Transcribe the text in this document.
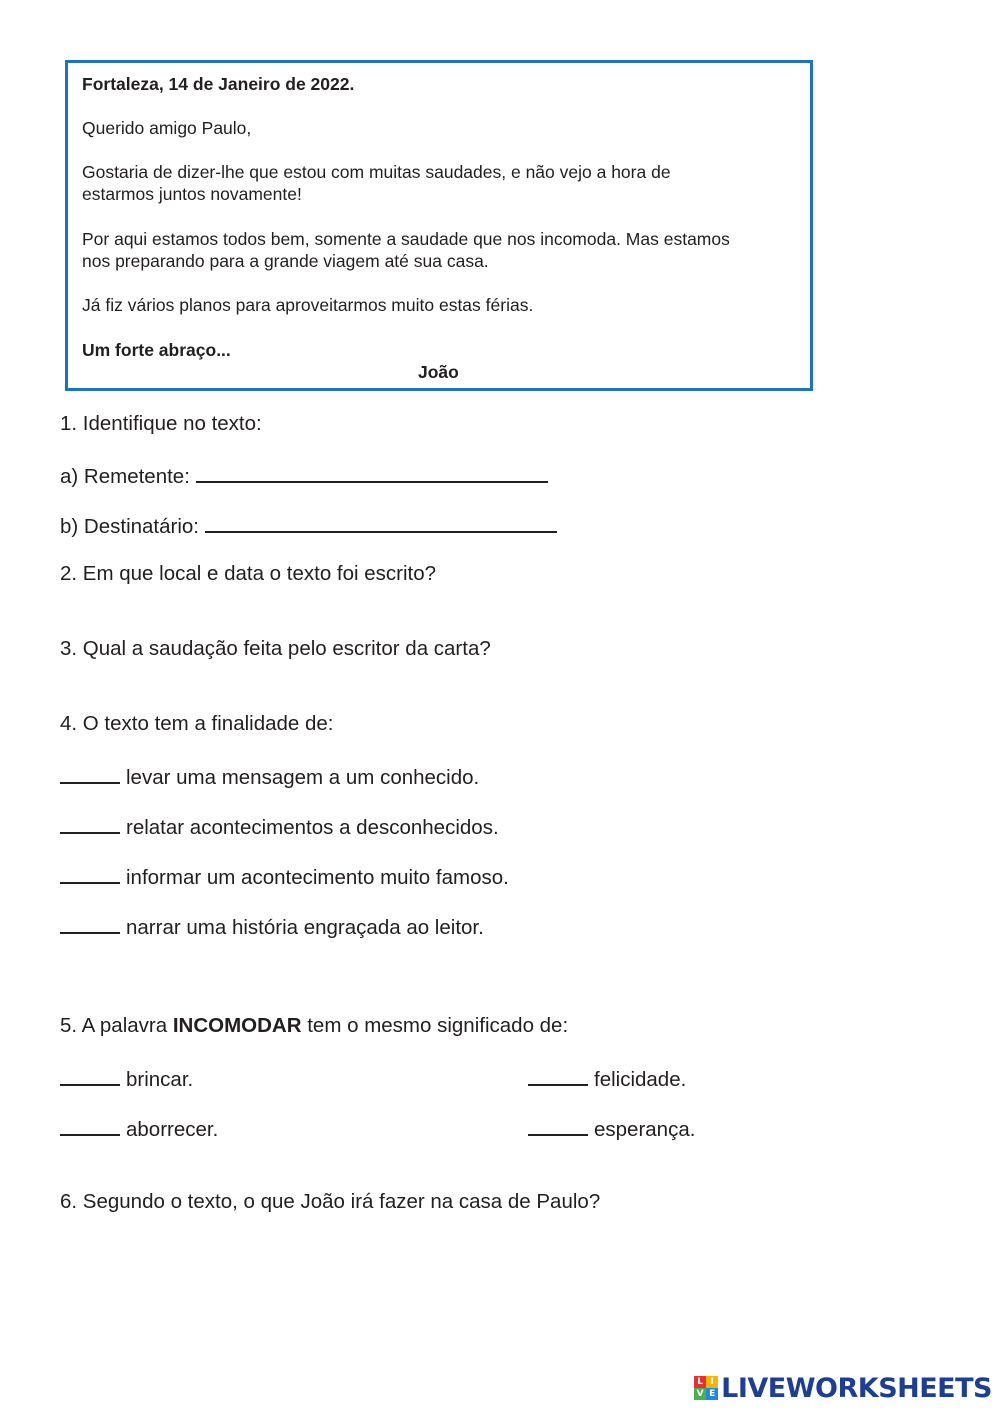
Fortaleza, 14 de Janeiro de 2022.
Querido amigo Paulo,
Gostaria de dizer-lhe que estou com muitas saudades, e não vejo a hora de
estarmos juntos novamente!
Por aqui estamos todos bem, somente a saudade que nos incomoda. Mas estamos
nos preparando para a grande viagem até sua casa.
Já fiz vários planos para aproveitarmos muito estas férias.
Um forte abraço...
João
1. Identifique no texto:
a) Remetente:
b) Destinatário:
2. Em que local e data o texto foi escrito?
3. Qual a saudação feita pelo escritor da carta?
4. O texto tem a finalidade de:
levar uma mensagem a um conhecido.
relatar acontecimentos a desconhecidos.
informar um acontecimento muito famoso.
narrar uma história engraçada ao leitor.
5. A palavra INCOMODAR tem o mesmo significado de:
brincar.	felicidade.
aborrecer.	esperança.
6. Segundo o texto, o que João irá fazer na casa de Paulo?
L I
V E LIVEWORKSHEETS
